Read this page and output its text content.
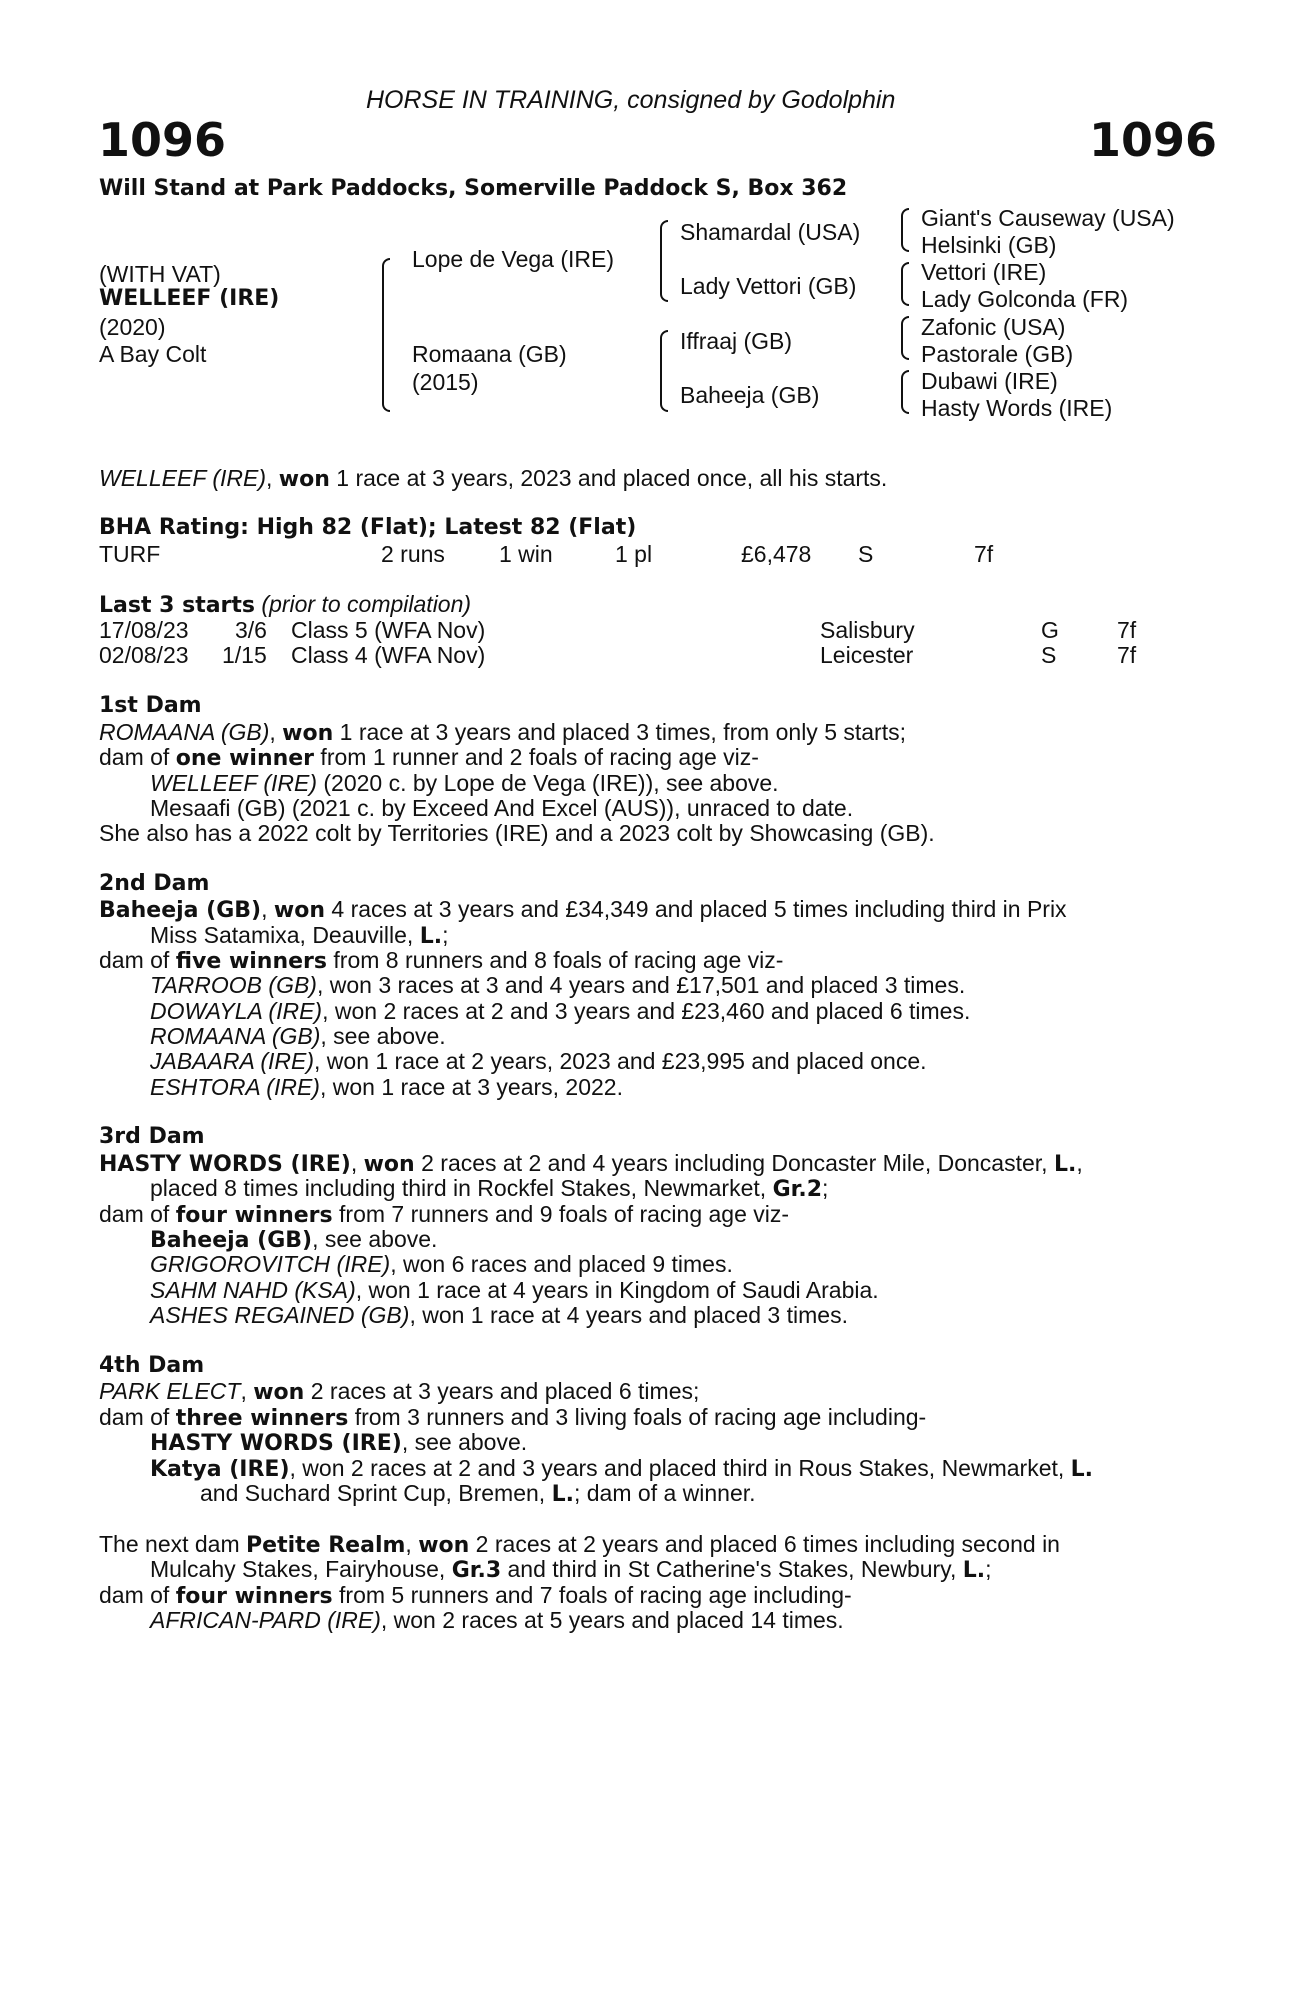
HORSE IN TRAINING, consigned by Godolphin
1096	1096
Will Stand at Park Paddocks, Somerville Paddock S, Box 362
(WITH VAT)
WELLEEF (IRE)
(2020)
A Bay Colt
Lope de Vega (IRE)
Romaana (GB)
(2015)
Shamardal (USA)
Lady Vettori (GB)
Iffraaj (GB)
Baheeja (GB)
Giant's Causeway (USA)
Helsinki (GB)
Vettori (IRE)
Lady Golconda (FR)
Zafonic (USA)
Pastorale (GB)
Dubawi (IRE)
Hasty Words (IRE)
WELLEEF (IRE), won 1 race at 3 years, 2023 and placed once, all his starts.
BHA Rating: High 82 (Flat); Latest 82 (Flat)
TURF	2 runs 1 win	1 pl	£6,478 S	7f
Last 3 starts (prior to compilation)
17/08/23 3/6 Class 5 (WFA Nov)	Salisbury	G	7f
02/08/23 1/15 Class 4 (WFA Nov)	Leicester	S	7f
1st Dam
ROMAANA (GB), won 1 race at 3 years and placed 3 times, from only 5 starts;
dam of one winner from 1 runner and 2 foals of racing age viz-
WELLEEF (IRE) (2020 c. by Lope de Vega (IRE)), see above.
Mesaafi (GB) (2021 c. by Exceed And Excel (AUS)), unraced to date.
She also has a 2022 colt by Territories (IRE) and a 2023 colt by Showcasing (GB).
2nd Dam
Baheeja (GB), won 4 races at 3 years and £34,349 and placed 5 times including third in Prix
Miss Satamixa, Deauville, L.;
dam of five winners from 8 runners and 8 foals of racing age viz-
TARROOB (GB), won 3 races at 3 and 4 years and £17,501 and placed 3 times.
DOWAYLA (IRE), won 2 races at 2 and 3 years and £23,460 and placed 6 times.
ROMAANA (GB), see above.
JABAARA (IRE), won 1 race at 2 years, 2023 and £23,995 and placed once.
ESHTORA (IRE), won 1 race at 3 years, 2022.
3rd Dam
HASTY WORDS (IRE), won 2 races at 2 and 4 years including Doncaster Mile, Doncaster, L.,
placed 8 times including third in Rockfel Stakes, Newmarket, Gr.2;
dam of four winners from 7 runners and 9 foals of racing age viz-
Baheeja (GB), see above.
GRIGOROVITCH (IRE), won 6 races and placed 9 times.
SAHM NAHD (KSA), won 1 race at 4 years in Kingdom of Saudi Arabia.
ASHES REGAINED (GB), won 1 race at 4 years and placed 3 times.
4th Dam
PARK ELECT, won 2 races at 3 years and placed 6 times;
dam of three winners from 3 runners and 3 living foals of racing age including-
HASTY WORDS (IRE), see above.
Katya (IRE), won 2 races at 2 and 3 years and placed third in Rous Stakes, Newmarket, L.
and Suchard Sprint Cup, Bremen, L.; dam of a winner.
The next dam Petite Realm, won 2 races at 2 years and placed 6 times including second in
Mulcahy Stakes, Fairyhouse, Gr.3 and third in St Catherine's Stakes, Newbury, L.;
dam of four winners from 5 runners and 7 foals of racing age including-
AFRICAN-PARD (IRE), won 2 races at 5 years and placed 14 times.
